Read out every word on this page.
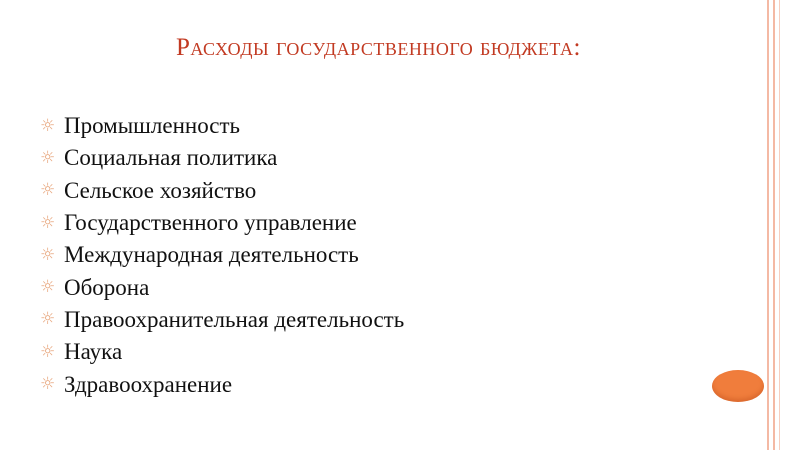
Расходы государственного бюджета:
☼ Промышленность
☼ Социальная политика
☼ Сельское хозяйство
☼ Государственного управление
☼ Международная деятельность
☼ Оборона
☼ Правоохранительная деятельность
☼ Наука
☼ Здравоохранение
